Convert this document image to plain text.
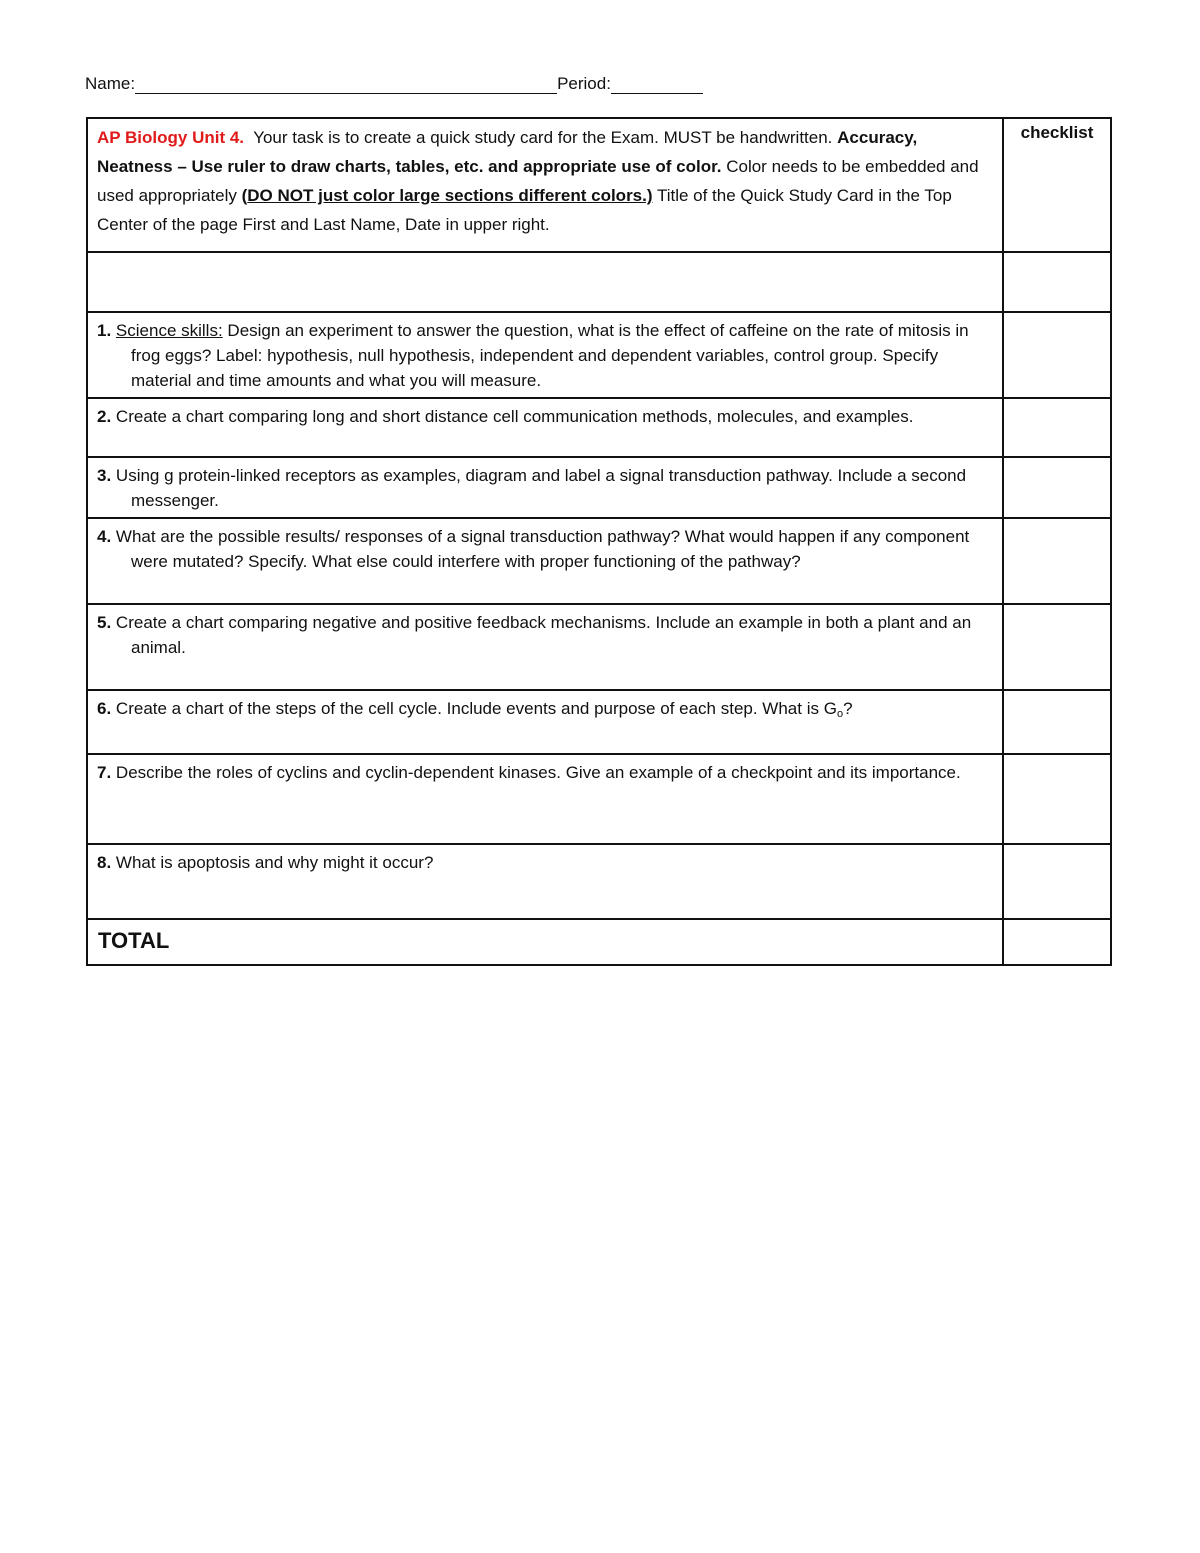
Name:	Period:
AP Biology Unit 4. Your task is to create a quick study card for the Exam. MUST be handwritten. Accuracy, Neatness – Use ruler to draw charts, tables, etc. and appropriate use of color. Color needs to be embedded and used appropriately (DO NOT just color large sections different colors.) Title of the Quick Study Card in the Top Center of the page First and Last Name, Date in upper right.	checklist

1. Science skills: Design an experiment to answer the question, what is the effect of caffeine on the rate of mitosis in frog eggs? Label: hypothesis, null hypothesis, independent and dependent variables, control group. Specify material and time amounts and what you will measure.	

2. Create a chart comparing long and short distance cell communication methods, molecules, and examples.	

3. Using g protein-linked receptors as examples, diagram and label a signal transduction pathway. Include a second messenger.	

4. What are the possible results/ responses of a signal transduction pathway? What would happen if any component were mutated? Specify. What else could interfere with proper functioning of the pathway?	

5. Create a chart comparing negative and positive feedback mechanisms. Include an example in both a plant and an animal.	

6. Create a chart of the steps of the cell cycle. Include events and purpose of each step. What is $G_o$?	

7. Describe the roles of cyclins and cyclin-dependent kinases. Give an example of a checkpoint and its importance.	

8. What is apoptosis and why might it occur?	

TOTAL	
